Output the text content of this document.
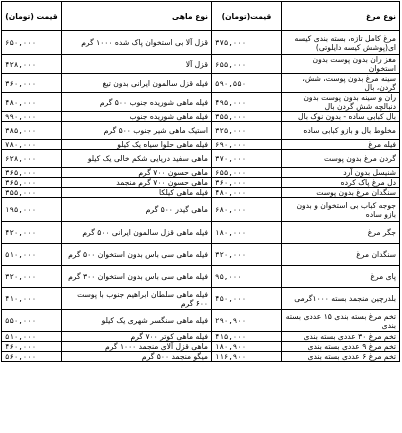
نوع مرغ	قیمت(تومان)	نوع ماهی	قیمت (تومان)
مرغ کامل تازه، بسته بندی کیسه ای(پوشش کیسه دایلوتی)	۳۷۵,۰۰۰	قزل آلا بی استخوان پاک شده ۱۰۰۰ گرم	۶۵۰,۰۰۰
مغز ران بدون پوست بدون استخوان	۶۵۵,۰۰۰	قزل آلا	۴۲۸,۰۰۰
سینه مرغ بدون پوست، شش، گردن، بال	۵۹۰,۵۵۰	فیله قزل سالمون ایرانی بدون تیغ	۳۶۰,۰۰۰
ران و سینه بدون پوست بدون دنبالچه شش گردن بال	۴۹۵,۰۰۰	فیله ماهی شوریده جنوب ۵۰۰ گرم	۴۸۰,۰۰۰
بال کبابی ساده - بدون نوک بال	۳۵۵,۰۰۰	فیله ماهی شوریده جنوب	۹۹۰,۰۰۰
مخلوط بال و بازو کبابی ساده	۳۲۵,۰۰۰	استیک ماهی شیر جنوب ۵۰۰ گرم	۳۸۵,۰۰۰
فیله مرغ	۶۹۰,۰۰۰	فیله ماهی حلوا سیاه یک کیلو	۷۸۰,۰۰۰
گردن مرغ بدون پوست	۳۷۰,۰۰۰	ماهی سفید دریایی شکم خالی یک کیلو	۶۲۸,۰۰۰
شنیسل بدون آرد	۶۵۵,۰۰۰	ماهی حسون ۷۰۰ گرم	۳۶۵,۰۰۰
دل مرغ پاک کرده	۳۶۰,۰۰۰	ماهی حسون ۷۰۰ گرم منجمد	۳۶۵,۰۰۰
سنگدان مرغ بدون پوست	۴۸۰,۰۰۰	فیله ماهی کیلکا	۳۵۵,۰۰۰
جوجه کباب بی استخوان و بدون بازو ساده	۶۸۰,۰۰۰	ماهی گیدر ۵۰۰ گرم	۱۹۵,۰۰۰
جگر مرغ	۱۸۰,۰۰۰	فیله ماهی قزل سالمون ایرانی ۵۰۰ گرم	۴۲۰,۰۰۰
سنگدان مرغ	۳۲۰,۰۰۰	فیله ماهی سی باس بدون استخوان ۵۰۰ گرم	۵۱۰,۰۰۰
پای مرغ	۹۵,۰۰۰	فیله ماهی سی باس بدون استخوان ۳۰۰ گرم	۳۲۰,۰۰۰
بلدرچین منجمد بسته ۱۰۰۰گرمی	۴۵۰,۰۰۰	فیله ماهی سلطان ابراهیم جنوب با پوست ۶۰۰ گرم	۴۱۰,۰۰۰
تخم مرغ بسته بندی ۱۵ عددی بسته بندی	۲۹۰,۹۰۰	فیله ماهی سنگسر شهری یک کیلو	۵۵۰,۰۰۰
تخم مرغ ۳۰ عددی بسته بندی	۴۱۵,۰۰۰	فیله ماهی کوتر ۷۰۰ گرم	۵۱۰,۰۰۰
تخم مرغ ۹ عددی بسته بندی	۱۸۰,۹۰۰	ماهی قزل آلای منجمد ۱۰۰۰ گرم	۴۶۰,۰۰۰
تخم مرغ ۶ عددی بسته بندی	۱۱۶,۹۰۰	میگو منجمد ۵۰۰ گرم	۵۶۰,۰۰۰
